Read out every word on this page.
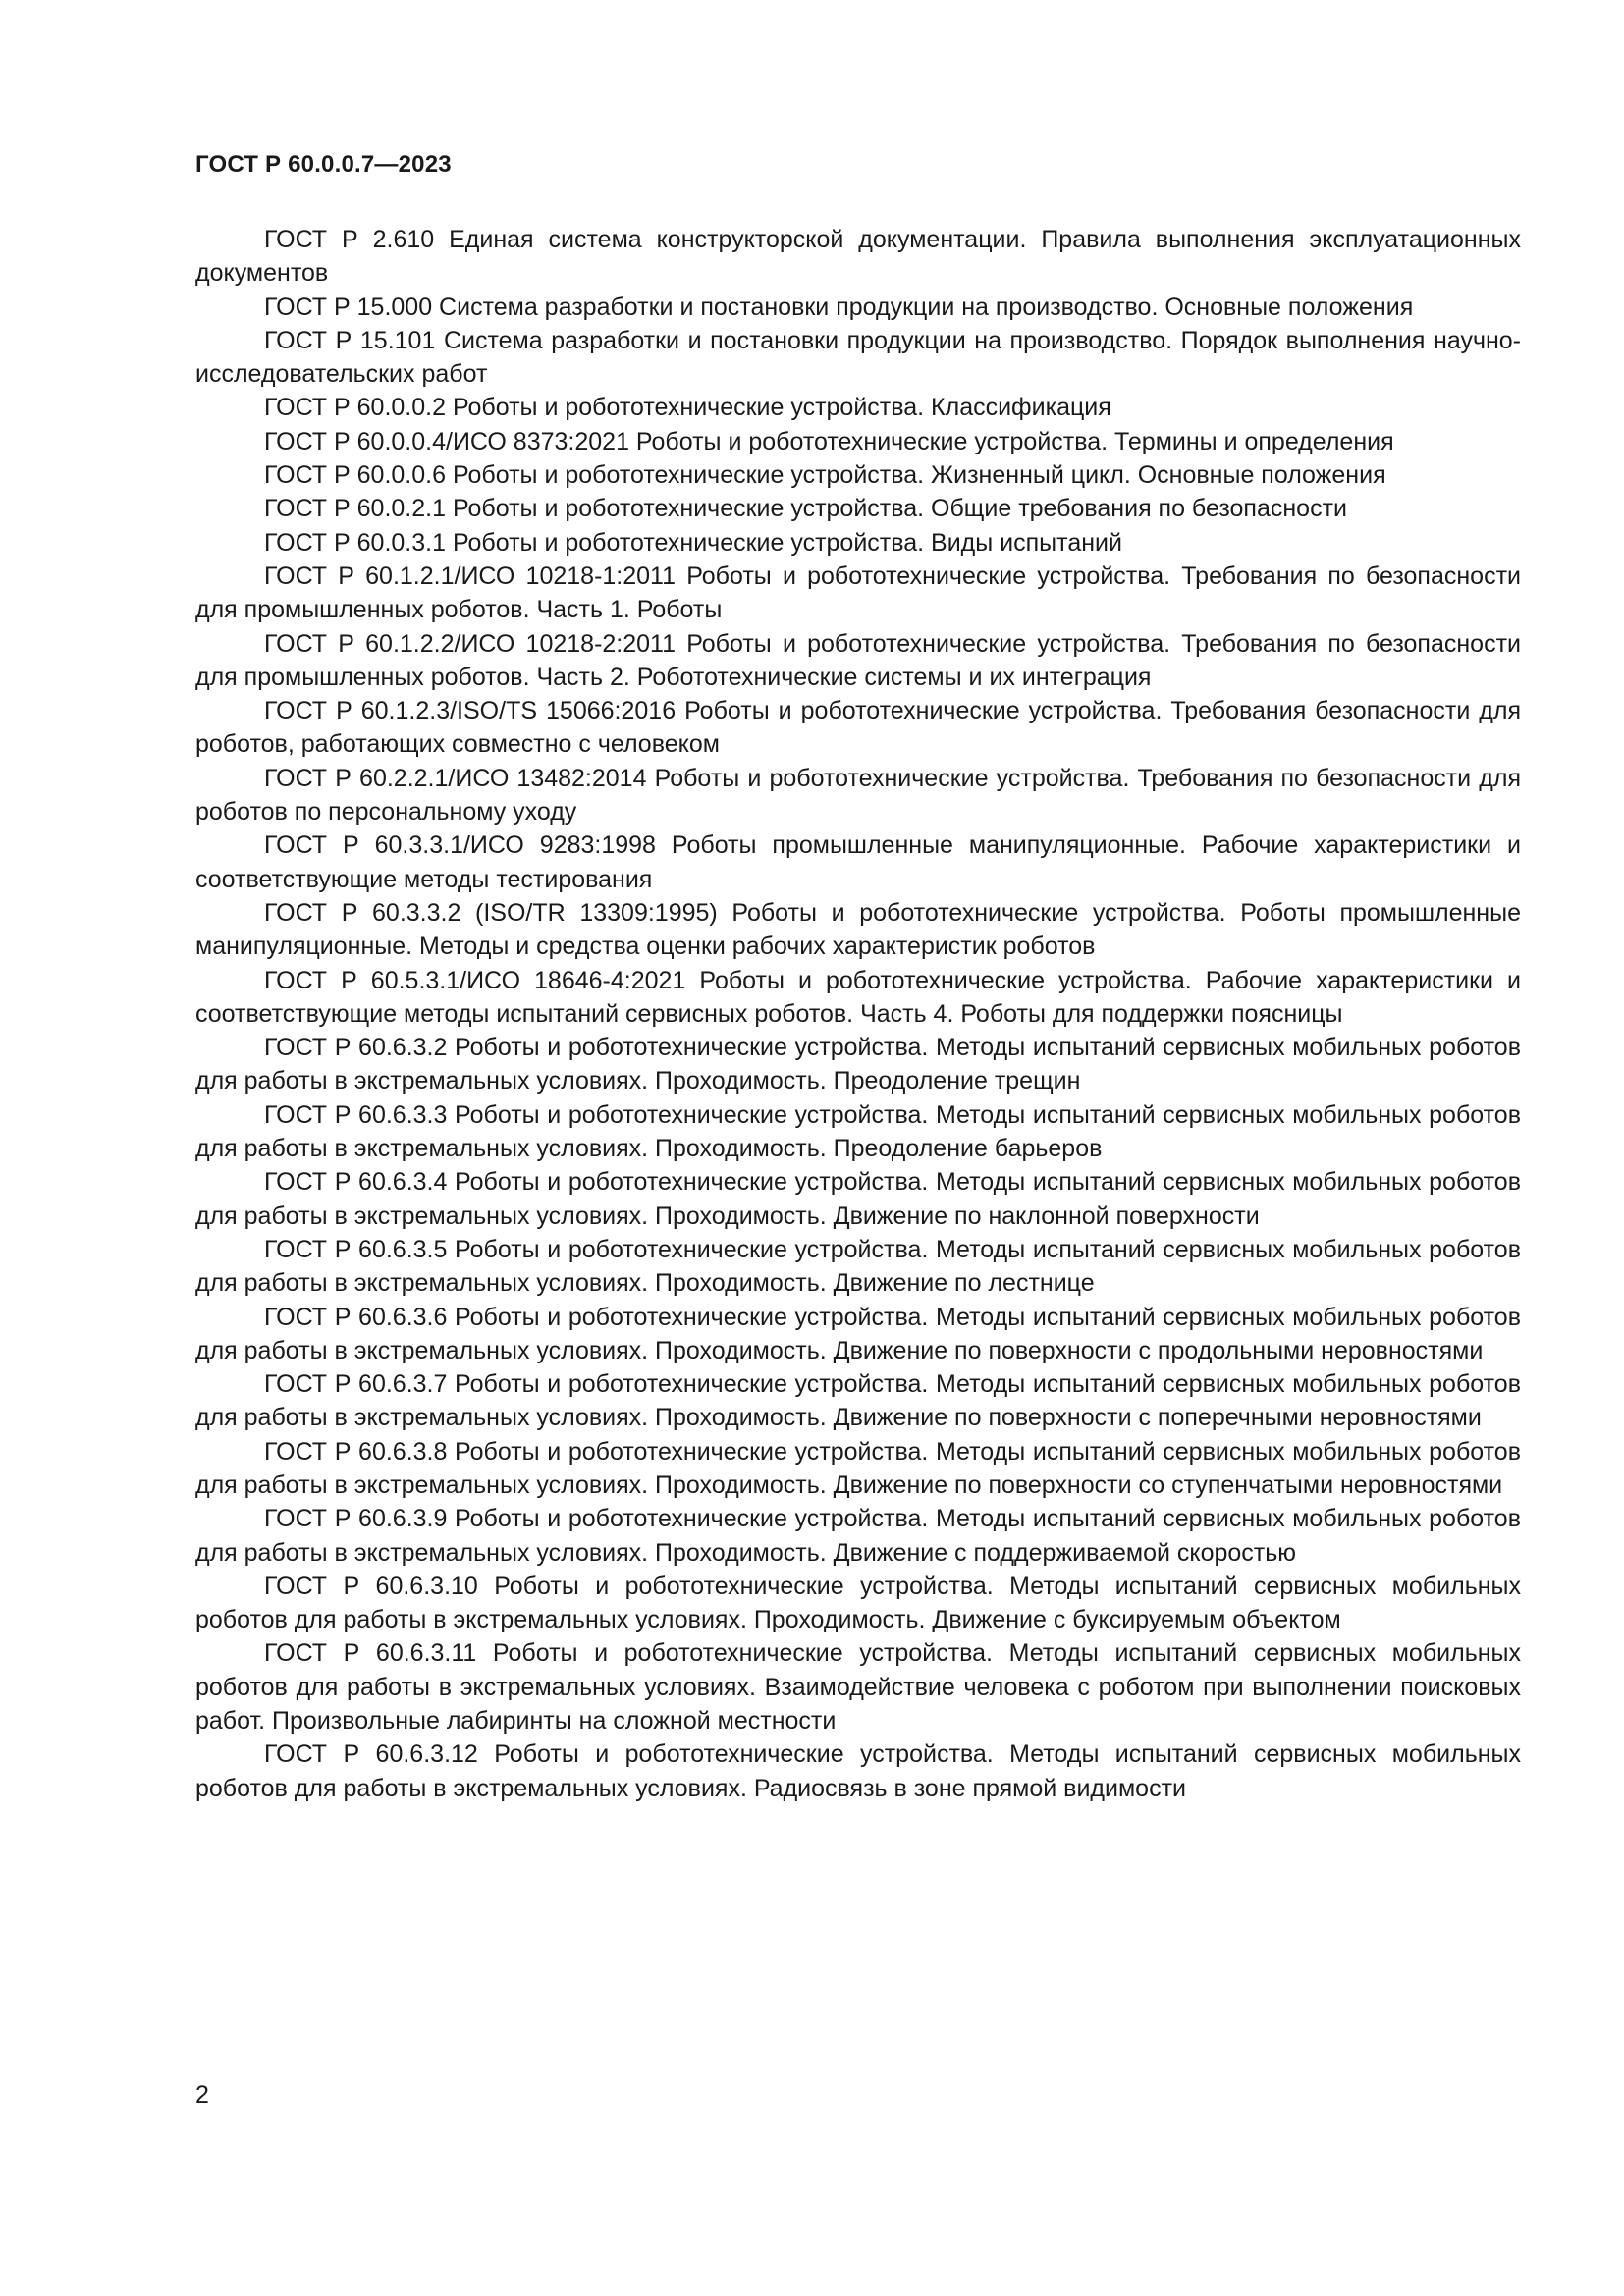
ГОСТ Р 60.0.0.7—2023

ГОСТ Р 2.610 Единая система конструкторской документации. Правила выполнения эксплуатационных документов

ГОСТ Р 15.000 Система разработки и постановки продукции на производство. Основные положения

ГОСТ Р 15.101 Система разработки и постановки продукции на производство. Порядок выполнения научно-исследовательских работ

ГОСТ Р 60.0.0.2 Роботы и робототехнические устройства. Классификация

ГОСТ Р 60.0.0.4/ИСО 8373:2021 Роботы и робототехнические устройства. Термины и определения

ГОСТ Р 60.0.0.6 Роботы и робототехнические устройства. Жизненный цикл. Основные положения

ГОСТ Р 60.0.2.1 Роботы и робототехнические устройства. Общие требования по безопасности

ГОСТ Р 60.0.3.1 Роботы и робототехнические устройства. Виды испытаний

ГОСТ Р 60.1.2.1/ИСО 10218-1:2011 Роботы и робототехнические устройства. Требования по безопасности для промышленных роботов. Часть 1. Роботы

ГОСТ Р 60.1.2.2/ИСО 10218-2:2011 Роботы и робототехнические устройства. Требования по безопасности для промышленных роботов. Часть 2. Робототехнические системы и их интеграция

ГОСТ Р 60.1.2.3/ISO/TS 15066:2016 Роботы и робототехнические устройства. Требования безопасности для роботов, работающих совместно с человеком

ГОСТ Р 60.2.2.1/ИСО 13482:2014 Роботы и робототехнические устройства. Требования по безопасности для роботов по персональному уходу

ГОСТ Р 60.3.3.1/ИСО 9283:1998 Роботы промышленные манипуляционные. Рабочие характеристики и соответствующие методы тестирования

ГОСТ Р 60.3.3.2 (ISO/TR 13309:1995) Роботы и робототехнические устройства. Роботы промышленные манипуляционные. Методы и средства оценки рабочих характеристик роботов

ГОСТ Р 60.5.3.1/ИСО 18646-4:2021 Роботы и робототехнические устройства. Рабочие характеристики и соответствующие методы испытаний сервисных роботов. Часть 4. Роботы для поддержки поясницы

ГОСТ Р 60.6.3.2 Роботы и робототехнические устройства. Методы испытаний сервисных мобильных роботов для работы в экстремальных условиях. Проходимость. Преодоление трещин

ГОСТ Р 60.6.3.3 Роботы и робототехнические устройства. Методы испытаний сервисных мобильных роботов для работы в экстремальных условиях. Проходимость. Преодоление барьеров

ГОСТ Р 60.6.3.4 Роботы и робототехнические устройства. Методы испытаний сервисных мобильных роботов для работы в экстремальных условиях. Проходимость. Движение по наклонной поверхности

ГОСТ Р 60.6.3.5 Роботы и робототехнические устройства. Методы испытаний сервисных мобильных роботов для работы в экстремальных условиях. Проходимость. Движение по лестнице

ГОСТ Р 60.6.3.6 Роботы и робототехнические устройства. Методы испытаний сервисных мобильных роботов для работы в экстремальных условиях. Проходимость. Движение по поверхности с продольными неровностями

ГОСТ Р 60.6.3.7 Роботы и робототехнические устройства. Методы испытаний сервисных мобильных роботов для работы в экстремальных условиях. Проходимость. Движение по поверхности с поперечными неровностями

ГОСТ Р 60.6.3.8 Роботы и робототехнические устройства. Методы испытаний сервисных мобильных роботов для работы в экстремальных условиях. Проходимость. Движение по поверхности со ступенчатыми неровностями

ГОСТ Р 60.6.3.9 Роботы и робототехнические устройства. Методы испытаний сервисных мобильных роботов для работы в экстремальных условиях. Проходимость. Движение с поддерживаемой скоростью

ГОСТ Р 60.6.3.10 Роботы и робототехнические устройства. Методы испытаний сервисных мобильных роботов для работы в экстремальных условиях. Проходимость. Движение с буксируемым объектом

ГОСТ Р 60.6.3.11 Роботы и робототехнические устройства. Методы испытаний сервисных мобильных роботов для работы в экстремальных условиях. Взаимодействие человека с роботом при выполнении поисковых работ. Произвольные лабиринты на сложной местности

ГОСТ Р 60.6.3.12 Роботы и робототехнические устройства. Методы испытаний сервисных мобильных роботов для работы в экстремальных условиях. Радиосвязь в зоне прямой видимости

2
